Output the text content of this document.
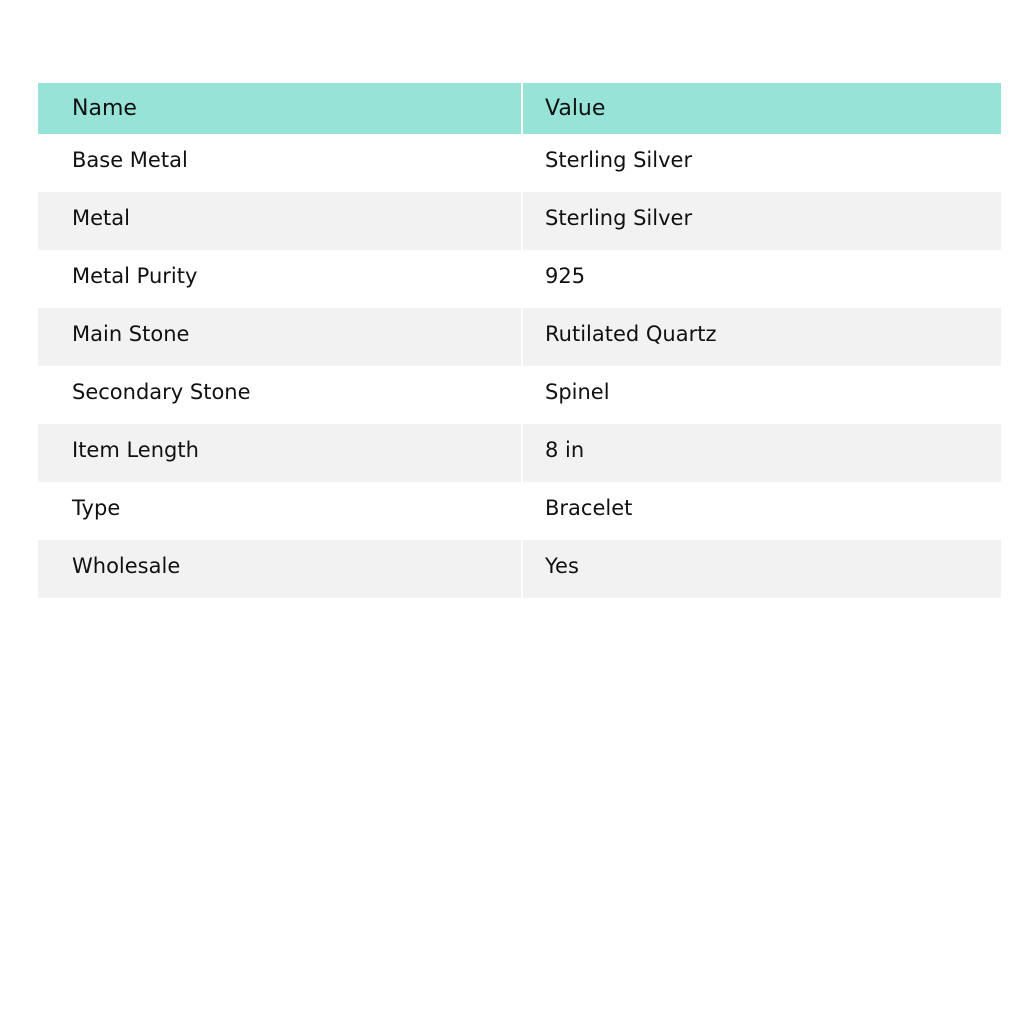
Name	Value
Base Metal	Sterling Silver
Metal	Sterling Silver
Metal Purity	925
Main Stone	Rutilated Quartz
Secondary Stone	Spinel
Item Length	8 in
Type	Bracelet
Wholesale	Yes
